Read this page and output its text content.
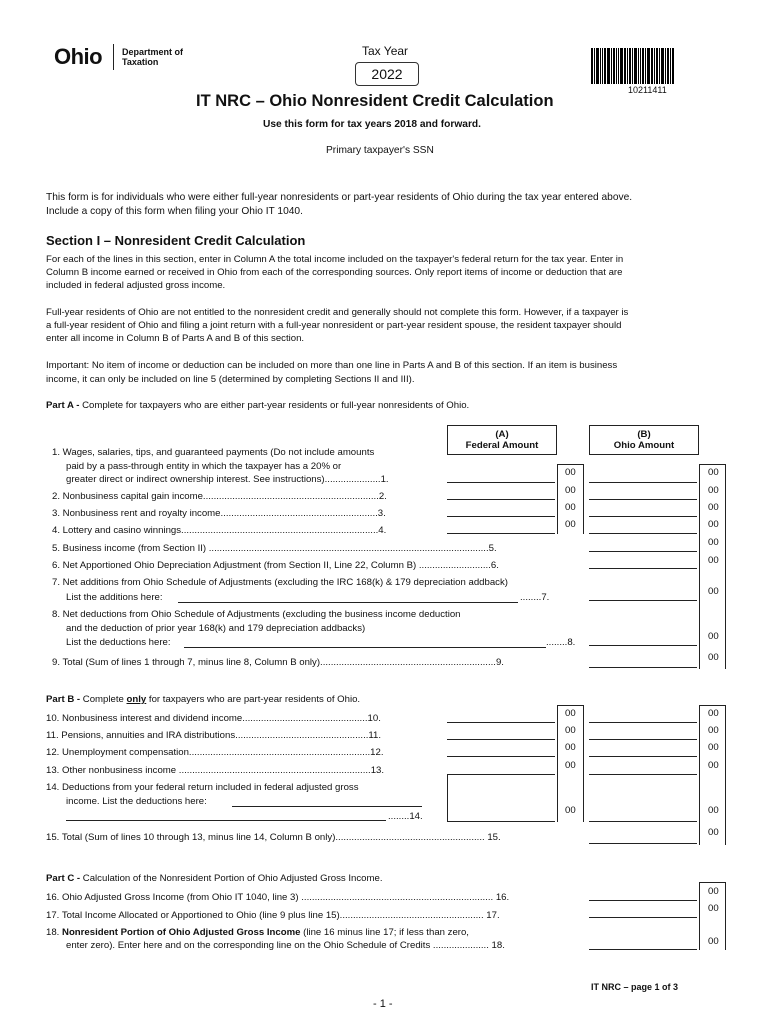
Ohio Department of
Taxation
Tax Year
2022
10211411
IT NRC – Ohio Nonresident Credit Calculation
Use this form for tax years 2018 and forward.
Primary taxpayer's SSN
This form is for individuals who were either full-year nonresidents or part-year residents of Ohio during the tax year entered above.
Include a copy of this form when filing your Ohio IT 1040.
Section I – Nonresident Credit Calculation
For each of the lines in this section, enter in Column A the total income included on the taxpayer's federal return for the tax year. Enter in
Column B income earned or received in Ohio from each of the corresponding sources. Only report items of income or deduction that are
included in federal adjusted gross income.
Full-year residents of Ohio are not entitled to the nonresident credit and generally should not complete this form. However, if a taxpayer is
a full-year resident of Ohio and filing a joint return with a full-year nonresident or part-year resident spouse, the resident taxpayer should
enter all income in Column B of Parts A and B of this section.
Important: No item of income or deduction can be included on more than one line in Parts A and B of this section. If an item is business
income, it can only be included on line 5 (determined by completing Sections II and III).
Part A - Complete for taxpayers who are either part-year residents or full-year nonresidents of Ohio.
(A)
Federal Amount
(B)
Ohio Amount
1. Wages, salaries, tips, and guaranteed payments (Do not include amounts
paid by a pass-through entity in which the taxpayer has a 20% or
greater direct or indirect ownership interest. See instructions).....................1.
2. Nonbusiness capital gain income..................................................................2.
3. Nonbusiness rent and royalty income...........................................................3.
4. Lottery and casino winnings..........................................................................4.
5. Business income (from Section II) .........................................................................................................5.
6. Net Apportioned Ohio Depreciation Adjustment (from Section II, Line 22, Column B) ...........................6.
7. Net additions from Ohio Schedule of Adjustments (excluding the IRC 168(k) & 179 depreciation addback)
List the additions here:	........7.
8. Net deductions from Ohio Schedule of Adjustments (excluding the business income deduction
and the deduction of prior year 168(k) and 179 depreciation addbacks)
List the deductions here:	........8.
9. Total (Sum of lines 1 through 7, minus line 8, Column B only)..................................................................9.
00
00
00
00
00
00
00
00
00
00
00
00
00
Part B - Complete only for taxpayers who are part-year residents of Ohio.
10. Nonbusiness interest and dividend income...............................................10.
11. Pensions, annuities and IRA distributions..................................................11.
12. Unemployment compensation....................................................................12.
13. Other nonbusiness income ........................................................................13.
14. Deductions from your federal return included in federal adjusted gross
income. List the deductions here:
........14.
15. Total (Sum of lines 10 through 13, minus line 14, Column B only)........................................................ 15.
00
00
00
00
00
00
00
00
00
00
00
Part C - Calculation of the Nonresident Portion of Ohio Adjusted Gross Income.
16. Ohio Adjusted Gross Income (from Ohio IT 1040, line 3) ........................................................................ 16.
17. Total Income Allocated or Apportioned to Ohio (line 9 plus line 15)...................................................... 17.
18. Nonresident Portion of Ohio Adjusted Gross Income (line 16 minus line 17; if less than zero,
enter zero). Enter here and on the corresponding line on the Ohio Schedule of Credits ..................... 18.
00
00
00
IT NRC – page 1 of 3
- 1 -
